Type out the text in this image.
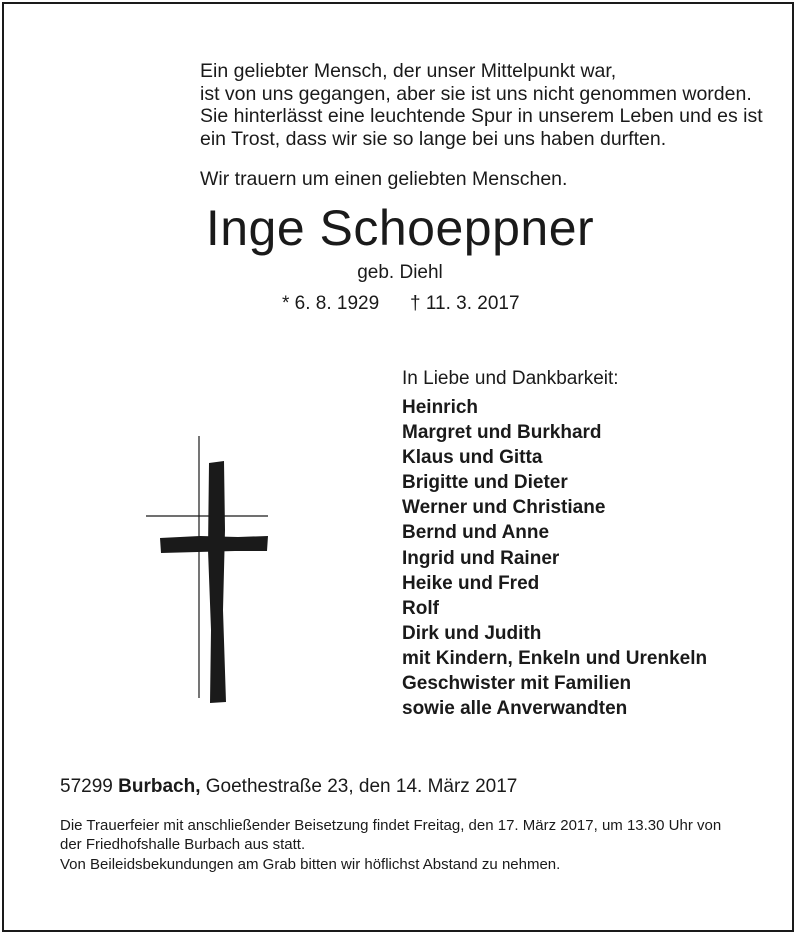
Ein geliebter Mensch, der unser Mittelpunkt war,
ist von uns gegangen, aber sie ist uns nicht genommen worden.
Sie hinterlässt eine leuchtende Spur in unserem Leben und es ist
ein Trost, dass wir sie so lange bei uns haben durften.
Wir trauern um einen geliebten Menschen.
Inge Schoeppner
geb. Diehl
* 6. 8. 1929 † 11. 3. 2017
In Liebe und Dankbarkeit:
Heinrich
Margret und Burkhard
Klaus und Gitta
Brigitte und Dieter
Werner und Christiane
Bernd und Anne
Ingrid und Rainer
Heike und Fred
Rolf
Dirk und Judith
mit Kindern, Enkeln und Urenkeln
Geschwister mit Familien
sowie alle Anverwandten
57299 Burbach, Goethestraße 23, den 14. März 2017
Die Trauerfeier mit anschließender Beisetzung findet Freitag, den 17. März 2017, um 13.30 Uhr von
der Friedhofshalle Burbach aus statt.
Von Beileidsbekundungen am Grab bitten wir höflichst Abstand zu nehmen.
